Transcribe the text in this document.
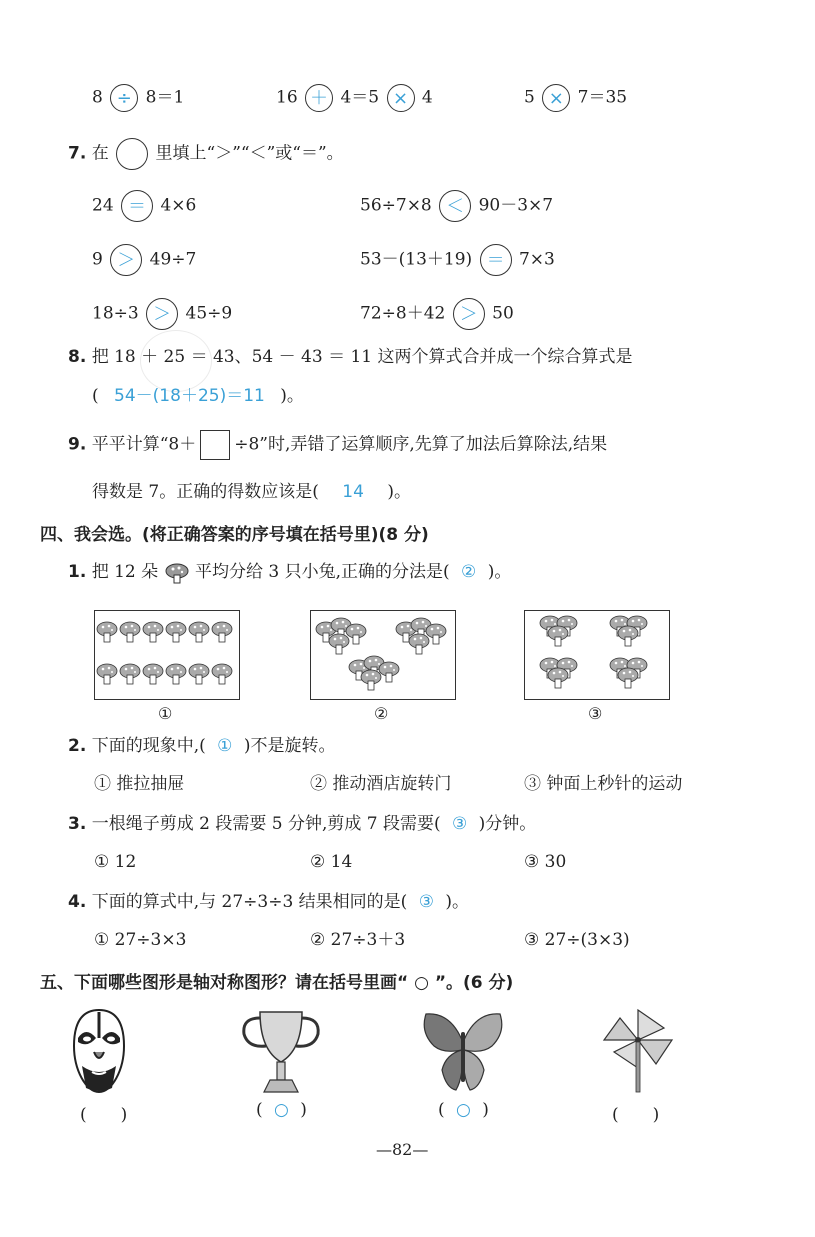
8 ÷ 8＝1	16 ＋ 4＝5 × 4	5 × 7＝35
7. 在	里填上“＞”“＜”或“＝”。
24 ＝ 4×6	56÷7×8 ＜ 90－3×7
9 ＞ 49÷7	53－(13＋19) ＝ 7×3
18÷3 ＞ 45÷9	72÷8＋42 ＞ 50
8. 把 18 ＋ 25 ＝ 43、54 － 43 ＝ 11 这两个算式合并成一个综合算式是
( 54－(18＋25)＝11 )。
9. 平平计算“8＋ ÷8”时,弄错了运算顺序,先算了加法后算除法,结果
得数是 7。正确的得数应该是( 14 )。
四、我会选。(将正确答案的序号填在括号里)(8 分)
1. 把 12 朵 平均分给 3 只小兔,正确的分法是( ② )。
①	②	③
2. 下面的现象中,( ① )不是旋转。
① 推拉抽屉	② 推动酒店旋转门	③ 钟面上秒针的运动
3. 一根绳子剪成 2 段需要 5 分钟,剪成 7 段需要( ③ )分钟。
① 12	② 14	③ 30
4. 下面的算式中,与 27÷3÷3 结果相同的是( ③ )。
① 27÷3×3	② 27÷3＋3	③ 27÷(3×3)
五、下面哪些图形是轴对称图形？请在括号里画“ ○ ”。(6 分)
(　　)	( ○ )	( ○ )	(　　)
—82—
